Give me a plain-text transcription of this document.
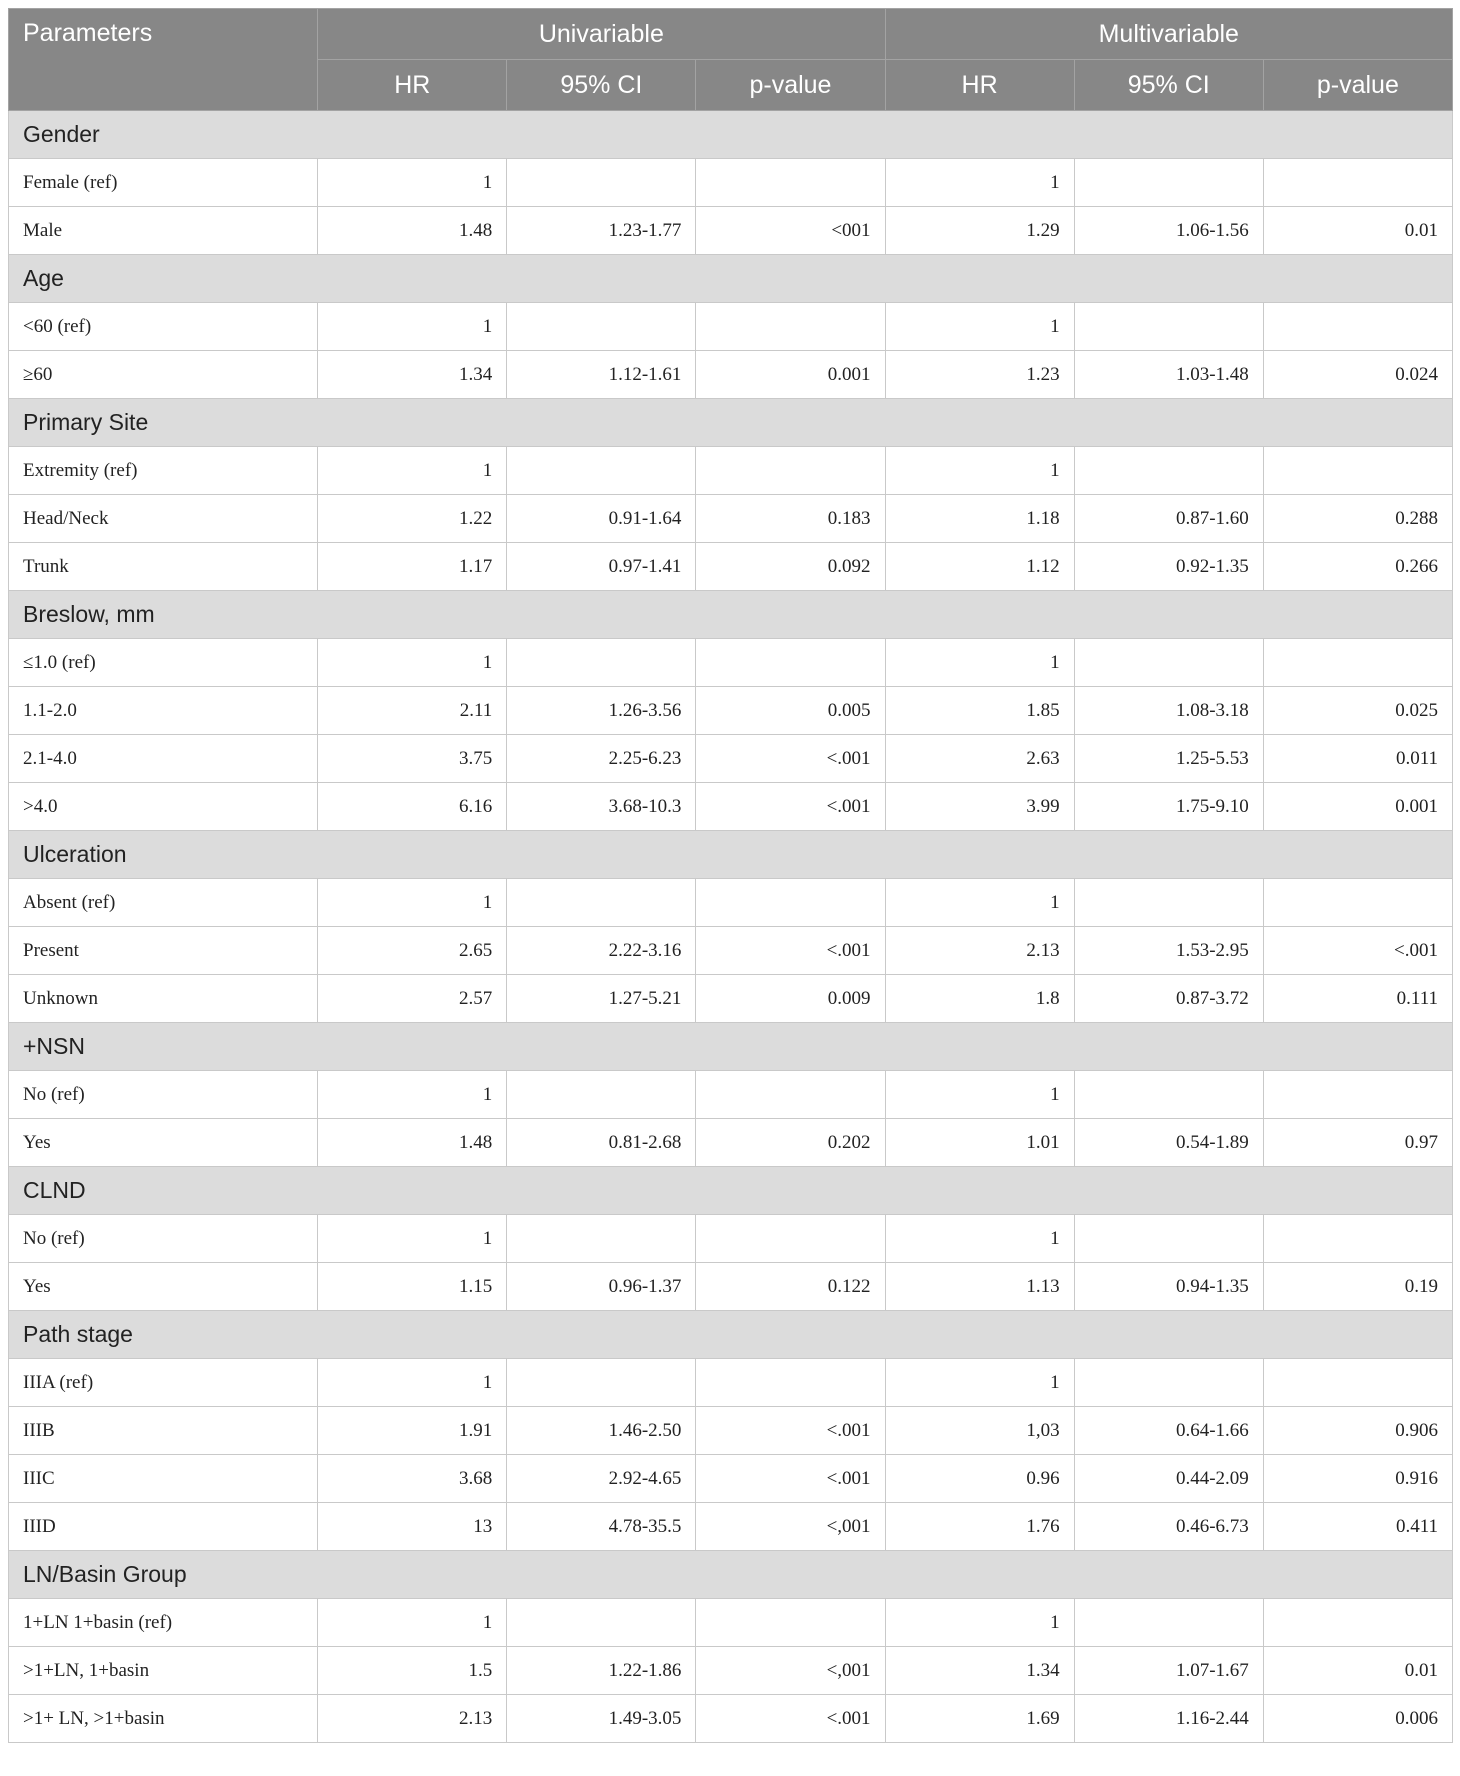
Parameters	Univariable			Multivariable		
	HR	95% CI	p-value	HR	95% CI	p-value
Gender						
Female (ref)	1			1		
Male	1.48	1.23-1.77	<001	1.29	1.06-1.56	0.01
Age						
<60 (ref)	1			1		
≥60	1.34	1.12-1.61	0.001	1.23	1.03-1.48	0.024
Primary Site						
Extremity (ref)	1			1		
Head/Neck	1.22	0.91-1.64	0.183	1.18	0.87-1.60	0.288
Trunk	1.17	0.97-1.41	0.092	1.12	0.92-1.35	0.266
Breslow, mm						
≤1.0 (ref)	1			1		
1.1-2.0	2.11	1.26-3.56	0.005	1.85	1.08-3.18	0.025
2.1-4.0	3.75	2.25-6.23	<.001	2.63	1.25-5.53	0.011
>4.0	6.16	3.68-10.3	<.001	3.99	1.75-9.10	0.001
Ulceration						
Absent (ref)	1			1		
Present	2.65	2.22-3.16	<.001	2.13	1.53-2.95	<.001
Unknown	2.57	1.27-5.21	0.009	1.8	0.87-3.72	0.111
+NSN						
No (ref)	1			1		
Yes	1.48	0.81-2.68	0.202	1.01	0.54-1.89	0.97
CLND						
No (ref)	1			1		
Yes	1.15	0.96-1.37	0.122	1.13	0.94-1.35	0.19
Path stage						
IIIA (ref)	1			1		
IIIB	1.91	1.46-2.50	<.001	1,03	0.64-1.66	0.906
IIIC	3.68	2.92-4.65	<.001	0.96	0.44-2.09	0.916
IIID	13	4.78-35.5	<,001	1.76	0.46-6.73	0.411
LN/Basin Group						
1+LN 1+basin (ref)	1			1		
>1+LN, 1+basin	1.5	1.22-1.86	<,001	1.34	1.07-1.67	0.01
>1+ LN, >1+basin	2.13	1.49-3.05	<.001	1.69	1.16-2.44	0.006
